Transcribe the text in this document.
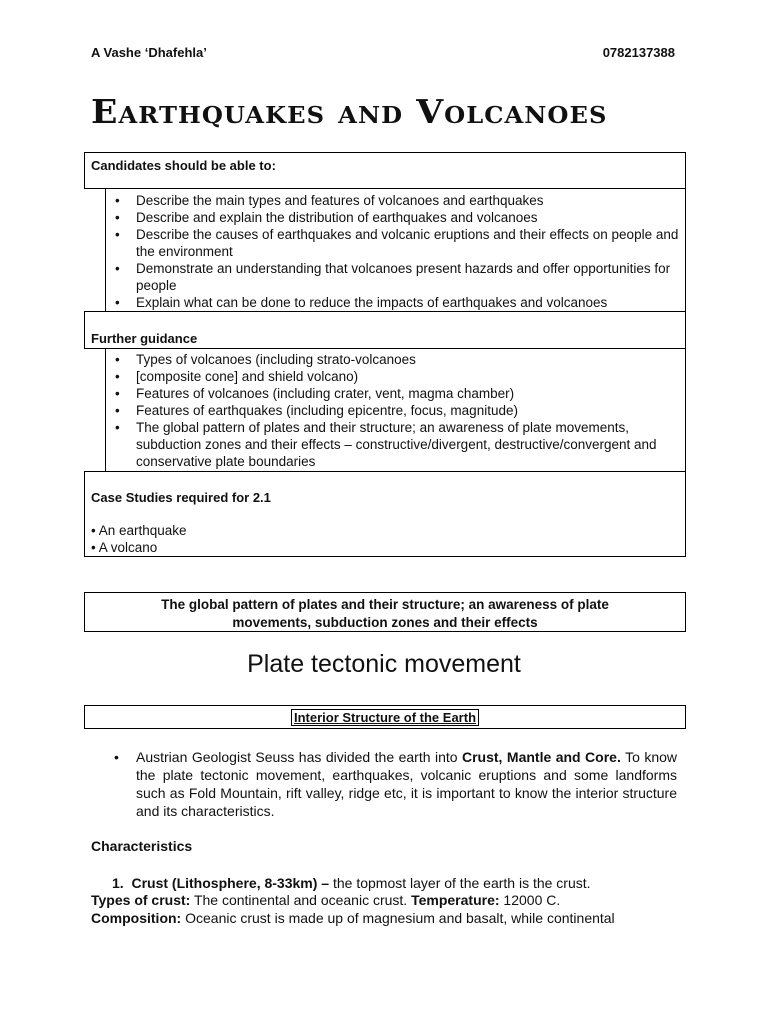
A Vashe ‘Dhafehla’	0782137388
Earthquakes and Volcanoes
Candidates should be able to:
• Describe the main types and features of volcanoes and earthquakes
• Describe and explain the distribution of earthquakes and volcanoes
• Describe the causes of earthquakes and volcanic eruptions and their effects on people and the environment
• Demonstrate an understanding that volcanoes present hazards and offer opportunities for people
• Explain what can be done to reduce the impacts of earthquakes and volcanoes
Further guidance
• Types of volcanoes (including strato-volcanoes
• [composite cone] and shield volcano)
• Features of volcanoes (including crater, vent, magma chamber)
• Features of earthquakes (including epicentre, focus, magnitude)
• The global pattern of plates and their structure; an awareness of plate movements, subduction zones and their effects – constructive/divergent, destructive/convergent and conservative plate boundaries
Case Studies required for 2.1
• An earthquake
• A volcano
The global pattern of plates and their structure; an awareness of plate movements, subduction zones and their effects
Plate tectonic movement
Interior Structure of the Earth
• Austrian Geologist Seuss has divided the earth into Crust, Mantle and Core. To know the plate tectonic movement, earthquakes, volcanic eruptions and some landforms such as Fold Mountain, rift valley, ridge etc, it is important to know the interior structure and its characteristics.
Characteristics
1. Crust (Lithosphere, 8-33km) – the topmost layer of the earth is the crust.
Types of crust: The continental and oceanic crust. Temperature: 12000 C.
Composition: Oceanic crust is made up of magnesium and basalt, while continental
